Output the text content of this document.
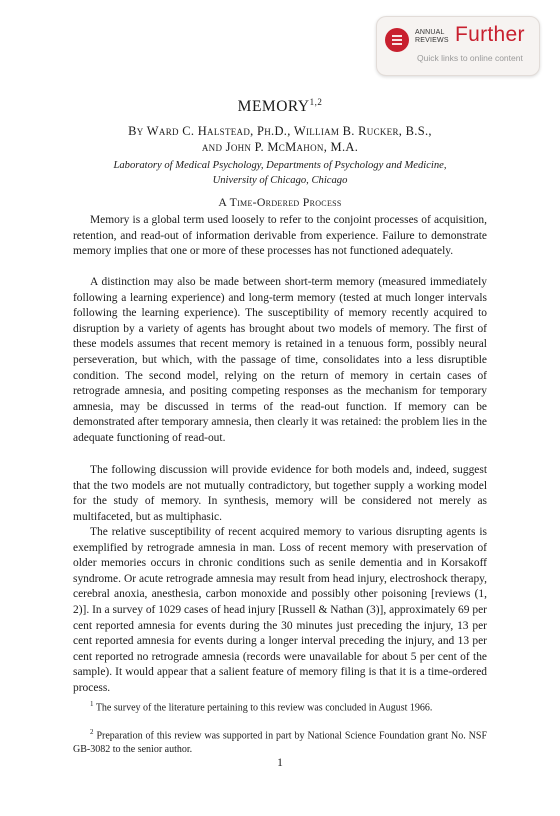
ANNUAL
REVIEWS Further
Quick links to online content
MEMORY$^{1,2}$
By Ward C. Halstead, Ph.D., William B. Rucker, B.S.,
and John P. McMahon, M.A.
Laboratory of Medical Psychology, Departments of Psychology and Medicine,
University of Chicago, Chicago
A Time-Ordered Process
Memory is a global term used loosely to refer to the conjoint processes of acquisition, retention, and read-out of information derivable from experience. Failure to demonstrate memory implies that one or more of these processes has not functioned adequately.
A distinction may also be made between short-term memory (measured immediately following a learning experience) and long-term memory (tested at much longer intervals following the learning experience). The susceptibility of memory recently acquired to disruption by a variety of agents has brought about two models of memory. The first of these models assumes that recent memory is retained in a tenuous form, possibly neural perseveration, but which, with the passage of time, consolidates into a less disruptible condition. The second model, relying on the return of memory in certain cases of retrograde amnesia, and positing competing responses as the mechanism for temporary amnesia, may be discussed in terms of the read-out function. If memory can be demonstrated after temporary amnesia, then clearly it was retained: the problem lies in the adequate functioning of read-out.
The following discussion will provide evidence for both models and, indeed, suggest that the two models are not mutually contradictory, but together supply a working model for the study of memory. In synthesis, memory will be considered not merely as multifaceted, but as multiphasic.
The relative susceptibility of recent acquired memory to various disrupting agents is exemplified by retrograde amnesia in man. Loss of recent memory with preservation of older memories occurs in chronic conditions such as senile dementia and in Korsakoff syndrome. Or acute retrograde amnesia may result from head injury, electroshock therapy, cerebral anoxia, anesthesia, carbon monoxide and possibly other poisoning [reviews (1, 2)]. In a survey of 1029 cases of head injury [Russell & Nathan (3)], approximately 69 per cent reported amnesia for events during the 30 minutes just preceding the injury, 13 per cent reported amnesia for events during a longer interval preceding the injury, and 13 per cent reported no retrograde amnesia (records were unavailable for about 5 per cent of the sample). It would appear that a salient feature of memory filing is that it is a time-ordered process.
$^1$ The survey of the literature pertaining to this review was concluded in August 1966.
$^2$ Preparation of this review was supported in part by National Science Foundation grant No. NSF GB-3082 to the senior author.
1
